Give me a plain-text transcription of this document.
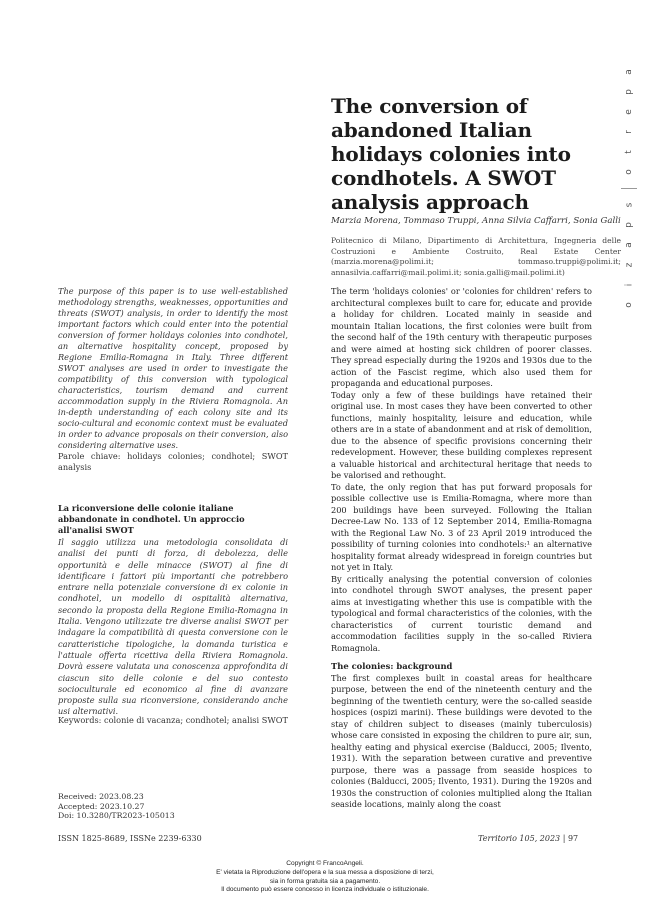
a
p
e
r
t
o
s
p
a
z
i
o
The conversion of abandoned Italian holidays colonies into condhotels. A SWOT analysis approach
Marzia Morena, Tommaso Truppi, Anna Silvia Caffarri, Sonia Galli
Politecnico di Milano, Dipartimento di Architettura, Ingegneria delle Costruzioni e Ambiente Costruito, Real Estate Center (marzia.morena@polimi.it; tommaso.truppi@polimi.it; annasilvia.caffarri@mail.polimi.it; sonia.galli@mail.polimi.it)
The purpose of this paper is to use well-established methodology strengths, weaknesses, opportunities and threats (SWOT) analysis, in order to identify the most important factors which could enter into the potential conversion of former holidays colonies into condhotel, an alternative hospitality concept, proposed by Regione Emilia-Romagna in Italy. Three different SWOT analyses are used in order to investigate the compatibility of this conversion with typological characteristics, tourism demand and current accommodation supply in the Riviera Romagnola. An in-depth understanding of each colony site and its socio-cultural and economic context must be evaluated in order to advance proposals on their conversion, also considering alternative uses.
Parole chiave: holidays colonies; condhotel; SWOT analysis
La riconversione delle colonie italiane abbandonate in condhotel. Un approccio all'analisi SWOT
Il saggio utilizza una metodologia consolidata di analisi dei punti di forza, di debolezza, delle opportunità e delle minacce (SWOT) al fine di identificare i fattori più importanti che potrebbero entrare nella potenziale conversione di ex colonie in condhotel, un modello di ospitalità alternativa, secondo la proposta della Regione Emilia-Romagna in Italia. Vengono utilizzate tre diverse analisi SWOT per indagare la compatibilità di questa conversione con le caratteristiche tipologiche, la domanda turistica e l'attuale offerta ricettiva della Riviera Romagnola. Dovrà essere valutata una conoscenza approfondita di ciascun sito delle colonie e del suo contesto socioculturale ed economico al fine di avanzare proposte sulla sua riconversione, considerando anche usi alternativi.
Keywords: colonie di vacanza; condhotel; analisi SWOT
Received: 2023.08.23
Accepted: 2023.10.27
Doi: 10.3280/TR2023-105013

The term 'holidays colonies' or 'colonies for children' refers to architectural complexes built to care for, educate and provide a holiday for children. Located mainly in seaside and mountain Italian locations, the first colonies were built from the second half of the 19th century with therapeutic purposes and were aimed at hosting sick children of poorer classes. They spread especially during the 1920s and 1930s due to the action of the Fascist regime, which also used them for propaganda and educational purposes.

Today only a few of these buildings have retained their original use. In most cases they have been converted to other functions, mainly hospitality, leisure and education, while others are in a state of abandonment and at risk of demolition, due to the absence of specific provisions concerning their redevelopment. However, these building complexes represent a valuable historical and architectural heritage that needs to be valorised and rethought.

To date, the only region that has put forward proposals for possible collective use is Emilia-Romagna, where more than 200 buildings have been surveyed. Following the Italian Decree-Law No. 133 of 12 September 2014, Emilia-Romagna with the Regional Law No. 3 of 23 April 2019 introduced the possibility of turning colonies into condhotels:¹ an alternative hospitality format already widespread in foreign countries but not yet in Italy.

By critically analysing the potential conversion of colonies into condhotel through SWOT analyses, the present paper aims at investigating whether this use is compatible with the typological and formal characteristics of the colonies, with the characteristics of current touristic demand and accommodation facilities supply in the so-called Riviera Romagnola.

The colonies: background

The first complexes built in coastal areas for healthcare purpose, between the end of the nineteenth century and the beginning of the twentieth century, were the so-called seaside hospices (ospizi marini). These buildings were devoted to the stay of children subject to diseases (mainly tuberculosis) whose care consisted in exposing the children to pure air, sun, healthy eating and physical exercise (Balducci, 2005; Ilvento, 1931). With the separation between curative and preventive purpose, there was a passage from seaside hospices to colonies (Balducci, 2005; Ilvento, 1931). During the 1920s and 1930s the construction of colonies multiplied along the Italian seaside locations, mainly along the coast

ISSN 1825-8689, ISSNe 2239-6330	Territorio 105, 2023 | 97
Copyright © FrancoAngeli.
E' vietata la Riproduzione dell'opera e la sua messa a disposizione di terzi,
sia in forma gratuita sia a pagamento.
Il documento può essere concesso in licenza individuale o istituzionale.
